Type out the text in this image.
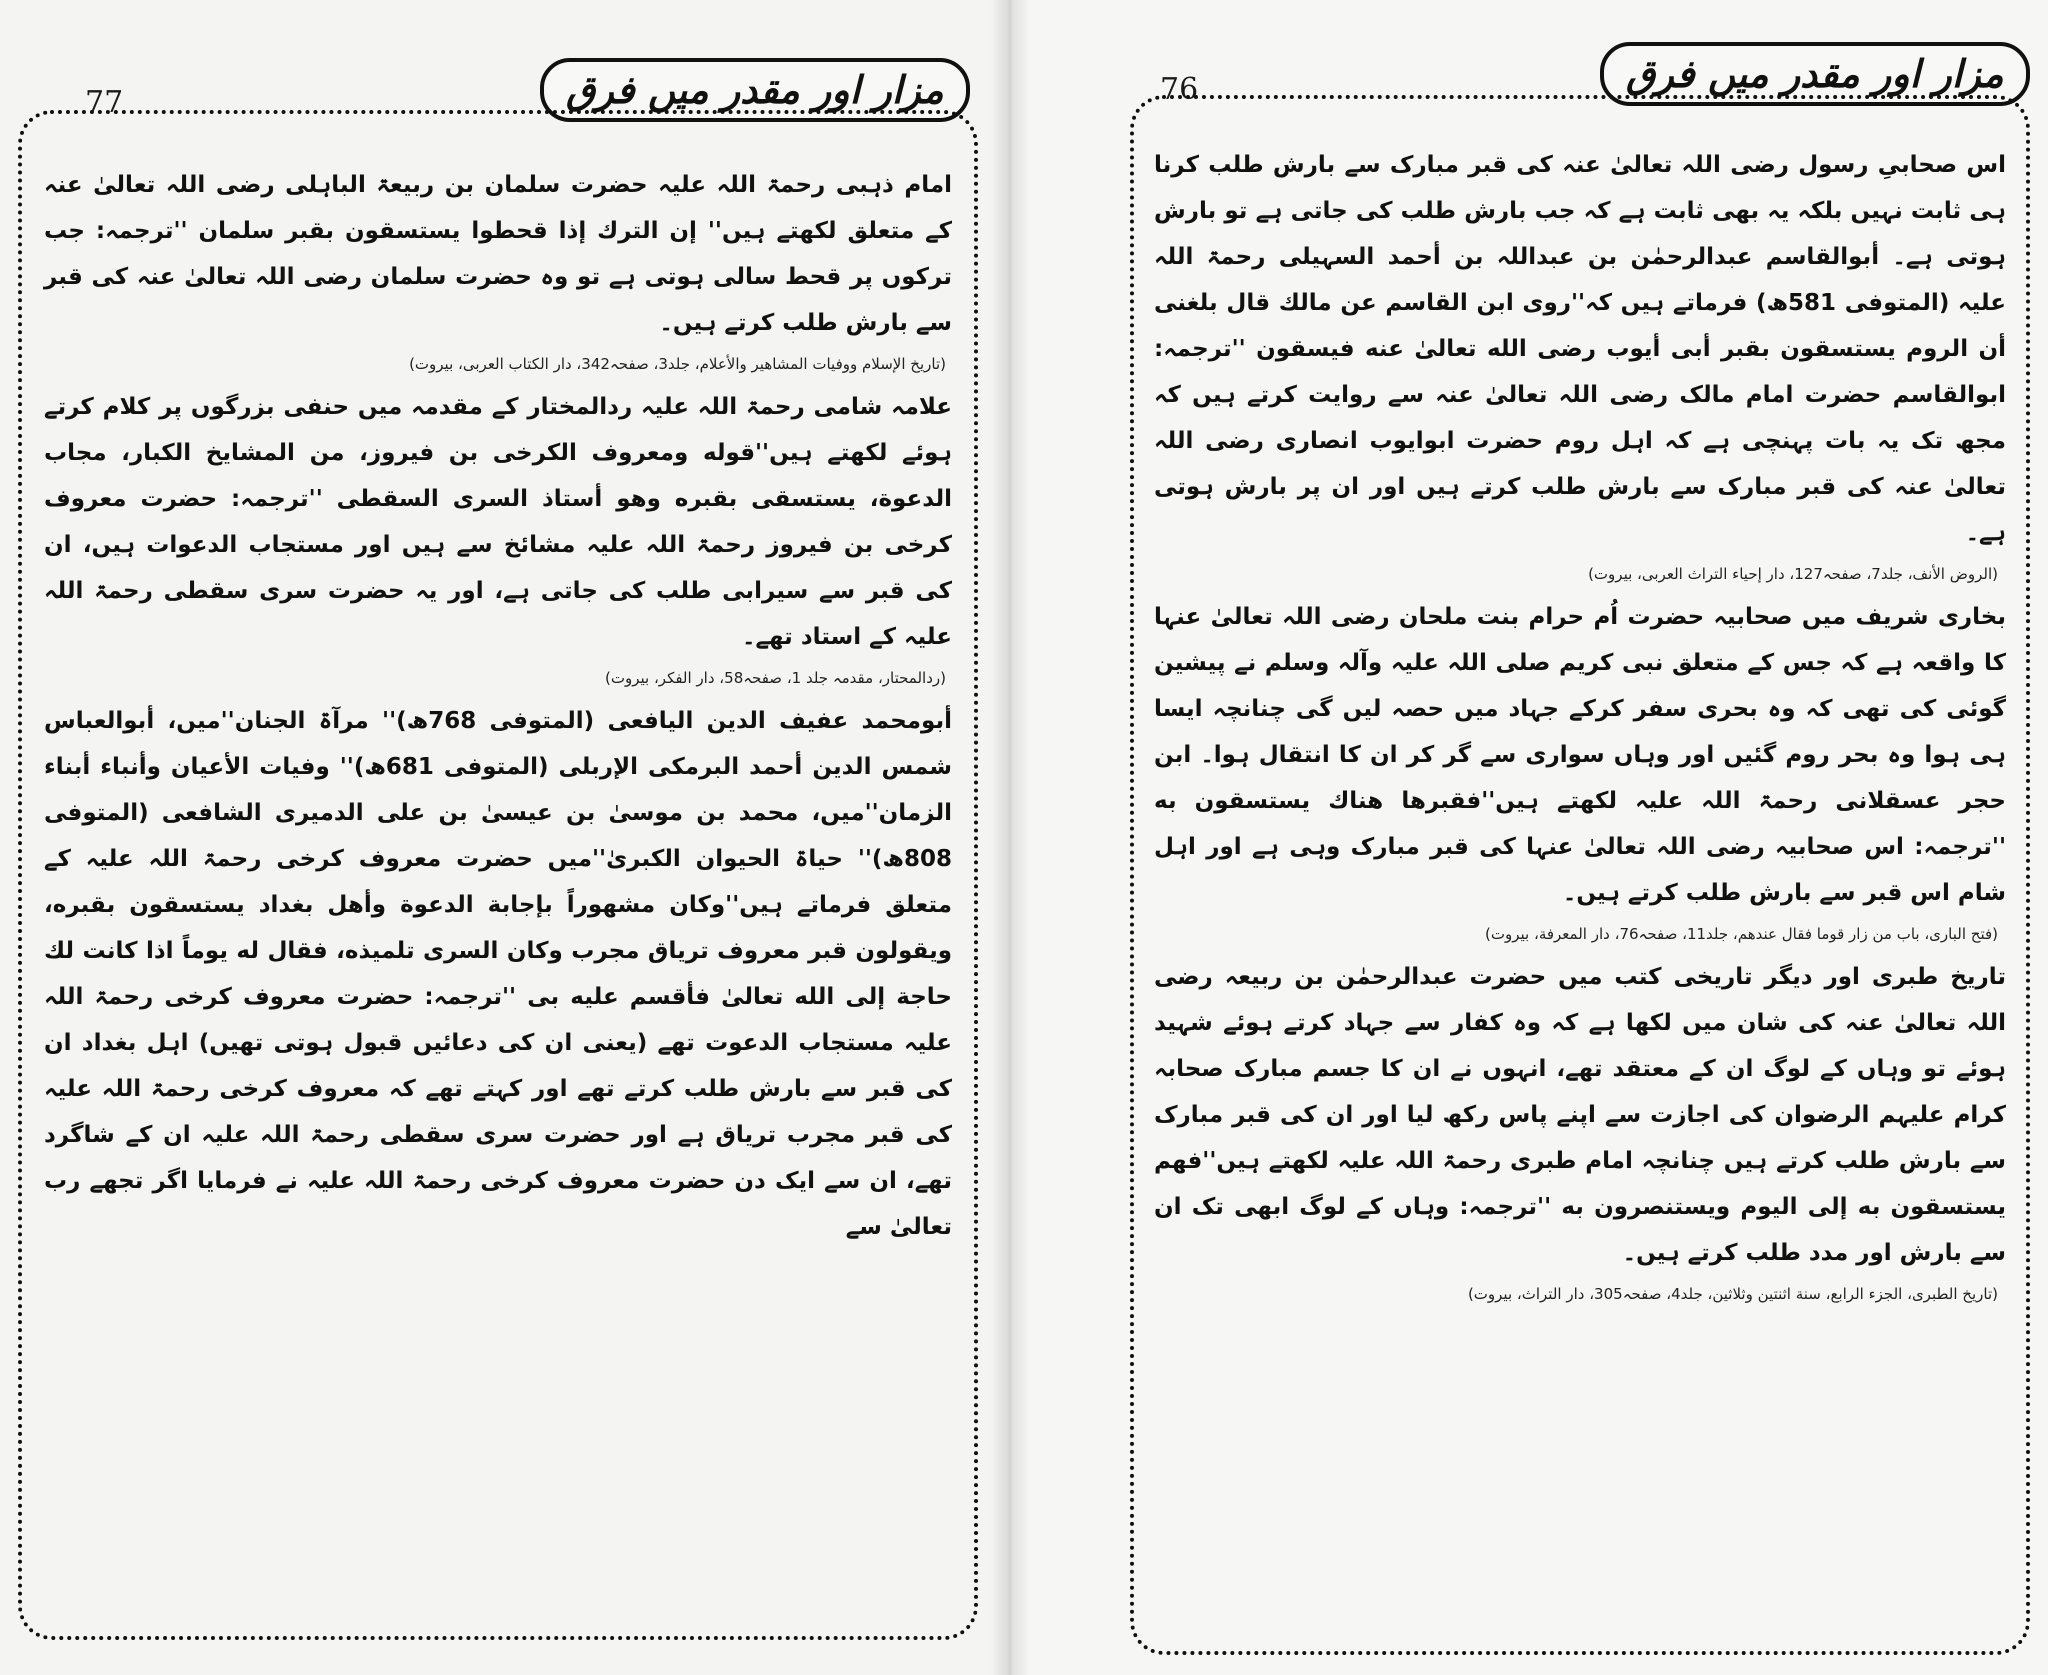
77	مزار اور مقدر میں فرق

امام ذہبی رحمۃ اللہ علیہ حضرت سلمان بن ربیعۃ الباہلی رضی اللہ تعالیٰ عنہ کے متعلق لکھتے ہیں'' إن الترك إذا قحطوا یستسقون بقبر سلمان ''ترجمہ: جب ترکوں پر قحط سالی ہوتی ہے تو وہ حضرت سلمان رضی اللہ تعالیٰ عنہ کی قبر سے بارش طلب کرتے ہیں۔

(تاریخ الإسلام ووفیات المشاهیر والأعلام، جلد3، صفحہ342، دار الکتاب العربی، بیروت)

علامہ شامی رحمۃ اللہ علیہ ردالمختار کے مقدمہ میں حنفی بزرگوں پر کلام کرتے ہوئے لکھتے ہیں''قوله ومعروف الکرخی بن فیروز، من المشایخ الکبار، مجاب الدعوة، یستسقی بقبره وهو أستاذ السری السقطی ''ترجمہ: حضرت معروف کرخی بن فیروز رحمۃ اللہ علیہ مشائخ سے ہیں اور مستجاب الدعوات ہیں، ان کی قبر سے سیرابی طلب کی جاتی ہے، اور یہ حضرت سری سقطی رحمۃ اللہ علیہ کے استاد تھے۔

(ردالمحتار، مقدمہ جلد 1، صفحہ58، دار الفکر، بیروت)

أبومحمد عفیف الدین الیافعی (المتوفی 768ھ)'' مرآۃ الجنان''میں، أبوالعباس شمس الدین أحمد البرمکی الإربلی (المتوفی 681ھ)'' وفیات الأعیان وأنباء أبناء الزمان''میں، محمد بن موسیٰ بن عیسیٰ بن علی الدمیری الشافعی (المتوفی 808ھ)'' حیاۃ الحیوان الکبریٰ''میں حضرت معروف کرخی رحمۃ اللہ علیہ کے متعلق فرماتے ہیں''وکان مشهوراً بإجابة الدعوة وأهل بغداد یستسقون بقبره، ویقولون قبر معروف تریاق مجرب وکان السری تلمیذه، فقال له یوماً اذا کانت لك حاجة إلی الله تعالیٰ فأقسم علیه بی ''ترجمہ: حضرت معروف کرخی رحمۃ اللہ علیہ مستجاب الدعوت تھے (یعنی ان کی دعائیں قبول ہوتی تھیں) اہل بغداد ان کی قبر سے بارش طلب کرتے تھے اور کہتے تھے کہ معروف کرخی رحمۃ اللہ علیہ کی قبر مجرب تریاق ہے اور حضرت سری سقطی رحمۃ اللہ علیہ ان کے شاگرد تھے، ان سے ایک دن حضرت معروف کرخی رحمۃ اللہ علیہ نے فرمایا اگر تجھے رب تعالیٰ سے

76	مزار اور مقدر میں فرق

اس صحابیِ رسول رضی اللہ تعالیٰ عنہ کی قبر مبارک سے بارش طلب کرنا ہی ثابت نہیں بلکہ یہ بھی ثابت ہے کہ جب بارش طلب کی جاتی ہے تو بارش ہوتی ہے۔ أبوالقاسم عبدالرحمٰن بن عبداللہ بن أحمد السہیلی رحمۃ اللہ علیہ (المتوفی 581ھ) فرماتے ہیں کہ''روی ابن القاسم عن مالك قال بلغنی أن الروم یستسقون بقبر أبی أیوب رضی الله تعالیٰ عنه فیسقون ''ترجمہ: ابوالقاسم حضرت امام مالک رضی اللہ تعالیٰ عنہ سے روایت کرتے ہیں کہ مجھ تک یہ بات پہنچی ہے کہ اہل روم حضرت ابوایوب انصاری رضی اللہ تعالیٰ عنہ کی قبر مبارک سے بارش طلب کرتے ہیں اور ان پر بارش ہوتی ہے۔

(الروض الأنف، جلد7، صفحہ127، دار إحیاء التراث العربی، بیروت)

بخاری شریف میں صحابیہ حضرت اُم حرام بنت ملحان رضی اللہ تعالیٰ عنہا کا واقعہ ہے کہ جس کے متعلق نبی کریم صلی اللہ علیہ وآلہ وسلم نے پیشین گوئی کی تھی کہ وہ بحری سفر کرکے جہاد میں حصہ لیں گی چنانچہ ایسا ہی ہوا وہ بحر روم گئیں اور وہاں سواری سے گر کر ان کا انتقال ہوا۔ ابن حجر عسقلانی رحمۃ اللہ علیہ لکھتے ہیں''فقبرها هناك یستسقون به ''ترجمہ: اس صحابیہ رضی اللہ تعالیٰ عنہا کی قبر مبارک وہی ہے اور اہل شام اس قبر سے بارش طلب کرتے ہیں۔

(فتح الباری، باب من زار قوما فقال عندهم، جلد11، صفحہ76، دار المعرفة، بیروت)

تاریخ طبری اور دیگر تاریخی کتب میں حضرت عبدالرحمٰن بن ربیعہ رضی اللہ تعالیٰ عنہ کی شان میں لکھا ہے کہ وہ کفار سے جہاد کرتے ہوئے شہید ہوئے تو وہاں کے لوگ ان کے معتقد تھے، انہوں نے ان کا جسم مبارک صحابہ کرام علیہم الرضوان کی اجازت سے اپنے پاس رکھ لیا اور ان کی قبر مبارک سے بارش طلب کرتے ہیں چنانچہ امام طبری رحمۃ اللہ علیہ لکھتے ہیں''فهم یستسقون به إلی الیوم ویستنصرون به ''ترجمہ: وہاں کے لوگ ابھی تک ان سے بارش اور مدد طلب کرتے ہیں۔

(تاریخ الطبری، الجزء الرابع، سنة اثنتین وثلاثین، جلد4، صفحہ305، دار التراث، بیروت)
